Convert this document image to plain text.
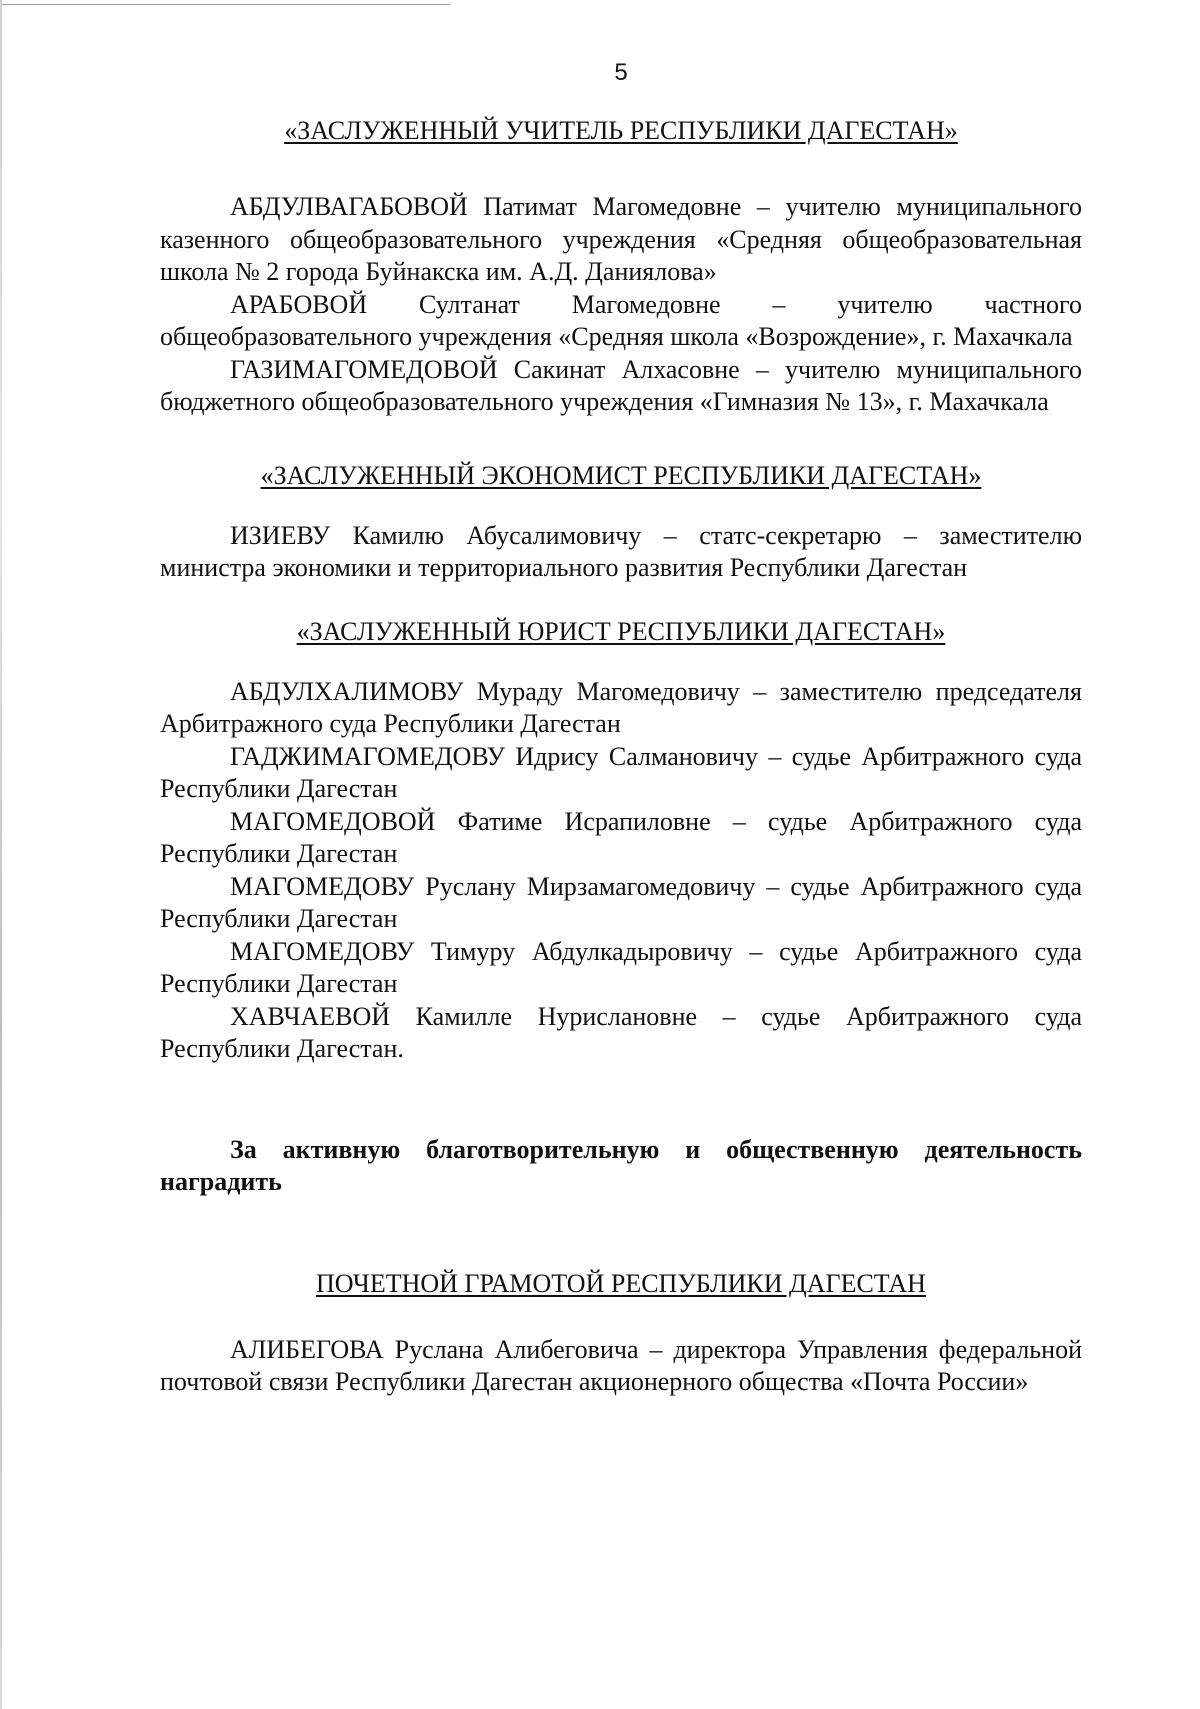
5

«ЗАСЛУЖЕННЫЙ УЧИТЕЛЬ РЕСПУБЛИКИ ДАГЕСТАН»

АБДУЛВАГАБОВОЙ Патимат Магомедовне – учителю муниципального казенного общеобразовательного учреждения «Средняя общеобразовательная школа № 2 города Буйнакска им. А.Д. Даниялова»

АРАБОВОЙ Султанат Магомедовне – учителю частного общеобразовательного учреждения «Средняя школа «Возрождение», г. Махачкала

ГАЗИМАГОМЕДОВОЙ Сакинат Алхасовне – учителю муниципального бюджетного общеобразовательного учреждения «Гимназия № 13», г. Махачкала

«ЗАСЛУЖЕННЫЙ ЭКОНОМИСТ РЕСПУБЛИКИ ДАГЕСТАН»

ИЗИЕВУ Камилю Абусалимовичу – статс-секретарю – заместителю министра экономики и территориального развития Республики Дагестан

«ЗАСЛУЖЕННЫЙ ЮРИСТ РЕСПУБЛИКИ ДАГЕСТАН»

АБДУЛХАЛИМОВУ Мураду Магомедовичу – заместителю председателя Арбитражного суда Республики Дагестан

ГАДЖИМАГОМЕДОВУ Идрису Салмановичу – судье Арбитражного суда Республики Дагестан

МАГОМЕДОВОЙ Фатиме Исрапиловне – судье Арбитражного суда Республики Дагестан

МАГОМЕДОВУ Руслану Мирзамагомедовичу – судье Арбитражного суда Республики Дагестан

МАГОМЕДОВУ Тимуру Абдулкадыровичу – судье Арбитражного суда Республики Дагестан

ХАВЧАЕВОЙ Камилле Нурислановне – судье Арбитражного суда Республики Дагестан.

За активную благотворительную и общественную деятельность наградить

ПОЧЕТНОЙ ГРАМОТОЙ РЕСПУБЛИКИ ДАГЕСТАН

АЛИБЕГОВА Руслана Алибеговича – директора Управления федеральной почтовой связи Республики Дагестан акционерного общества «Почта России»
